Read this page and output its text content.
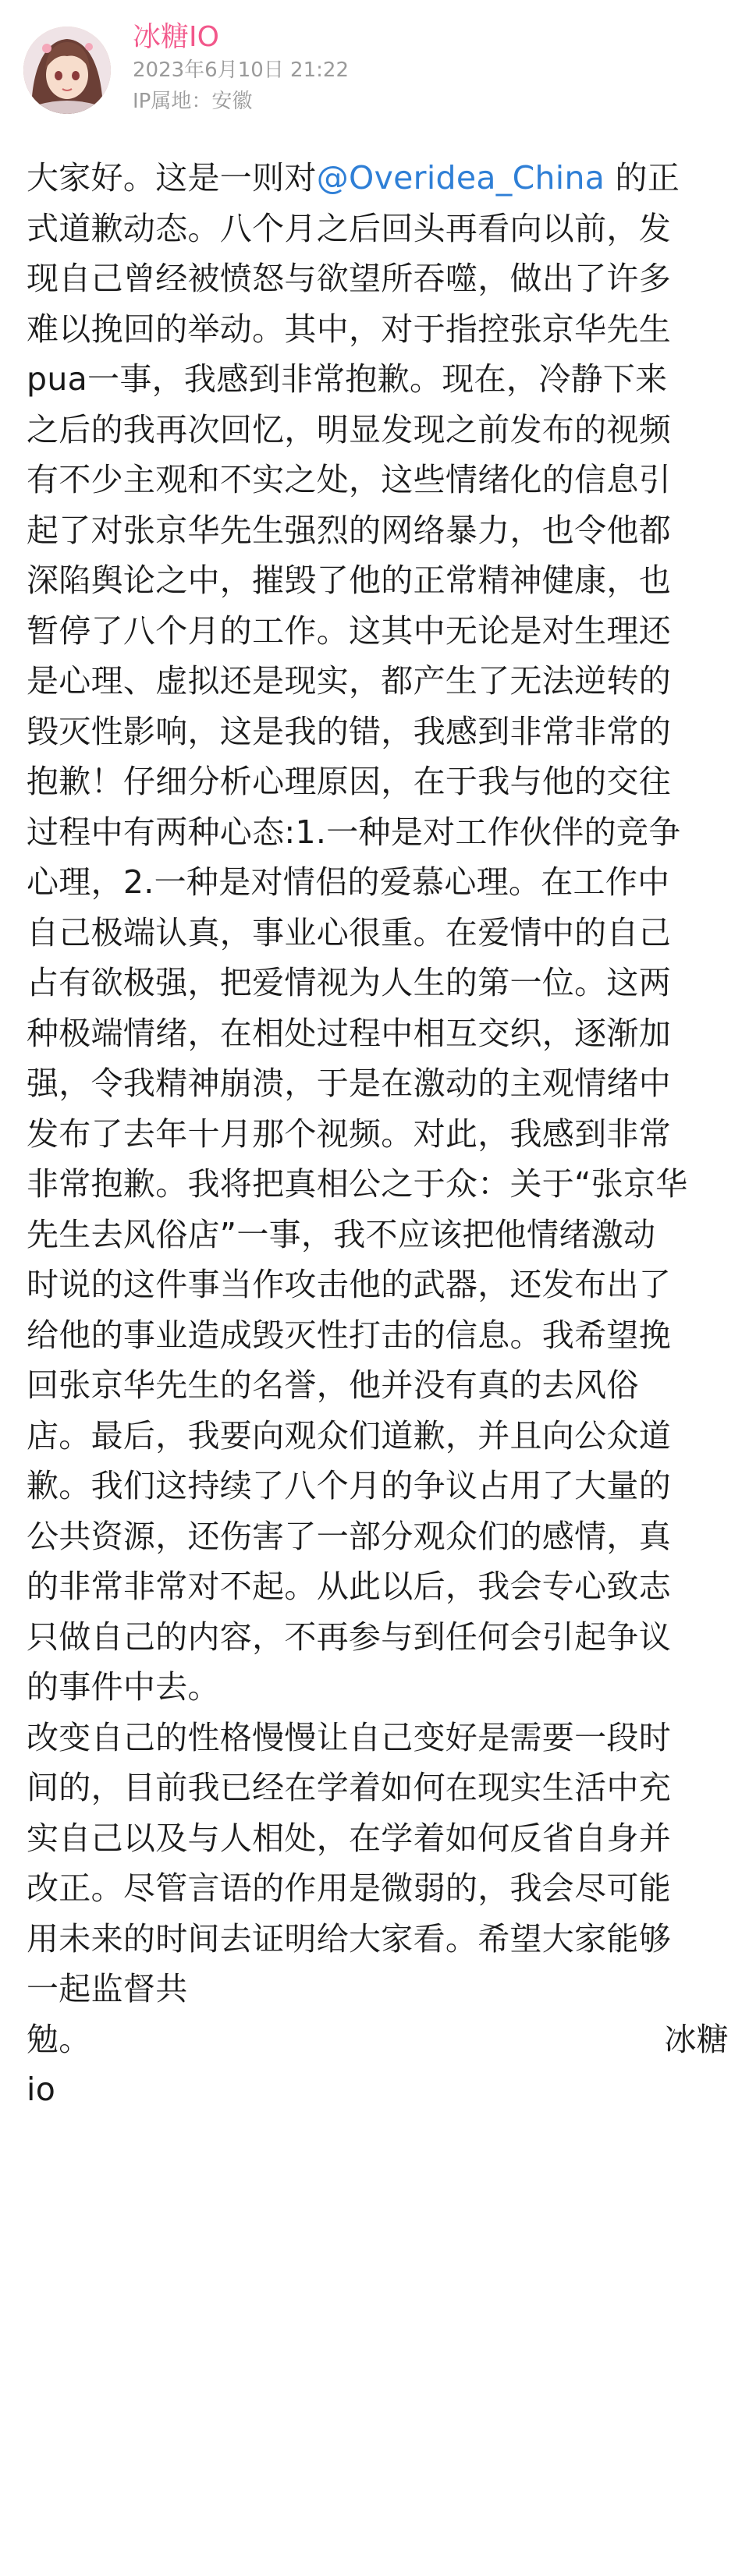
冰糖IO
2023年6月10日 21:22
IP属地：安徽
大家好。这是一则对@Overidea_China 的正
式道歉动态。八个月之后回头再看向以前，发
现自己曾经被愤怒与欲望所吞噬，做出了许多
难以挽回的举动。其中，对于指控张京华先生
pua一事，我感到非常抱歉。现在，冷静下来
之后的我再次回忆，明显发现之前发布的视频
有不少主观和不实之处，这些情绪化的信息引
起了对张京华先生强烈的网络暴力，也令他都
深陷舆论之中，摧毁了他的正常精神健康，也
暂停了八个月的工作。这其中无论是对生理还
是心理、虚拟还是现实，都产生了无法逆转的
毁灭性影响，这是我的错，我感到非常非常的
抱歉！仔细分析心理原因，在于我与他的交往
过程中有两种心态:1.一种是对工作伙伴的竞争
心理，2.一种是对情侣的爱慕心理。在工作中
自己极端认真，事业心很重。在爱情中的自己
占有欲极强，把爱情视为人生的第一位。这两
种极端情绪，在相处过程中相互交织，逐渐加
强，令我精神崩溃，于是在激动的主观情绪中
发布了去年十月那个视频。对此，我感到非常
非常抱歉。我将把真相公之于众：关于“张京华
先生去风俗店”一事，我不应该把他情绪激动
时说的这件事当作攻击他的武器，还发布出了
给他的事业造成毁灭性打击的信息。我希望挽
回张京华先生的名誉，他并没有真的去风俗
店。最后，我要向观众们道歉，并且向公众道
歉。我们这持续了八个月的争议占用了大量的
公共资源，还伤害了一部分观众们的感情，真
的非常非常对不起。从此以后，我会专心致志
只做自己的内容，不再参与到任何会引起争议
的事件中去。
改变自己的性格慢慢让自己变好是需要一段时
间的，目前我已经在学着如何在现实生活中充
实自己以及与人相处，在学着如何反省自身并
改正。尽管言语的作用是微弱的，我会尽可能
用未来的时间去证明给大家看。希望大家能够
一起监督共
勉。	冰糖
io
